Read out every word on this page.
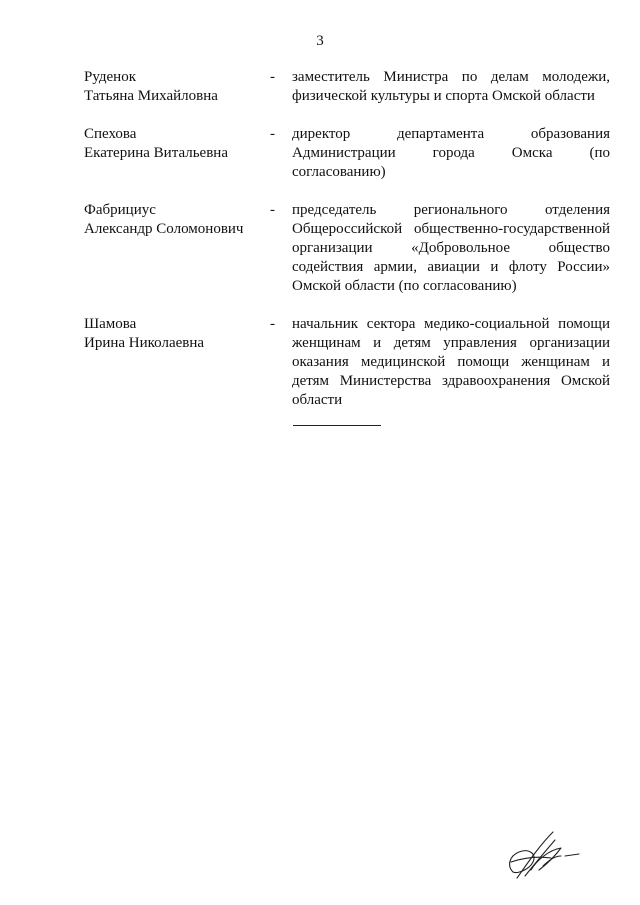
3
Руденок
Татьяна Михайловна
-	заместитель Министра по делам молодежи,
физической культуры и спорта Омской области
Спехова
Екатерина Витальевна
-	директор департамента образования
Администрации города Омска (по
согласованию)
Фабрициус
Александр Соломонович
-	председатель регионального отделения
Общероссийской общественно-государственной
организации «Добровольное общество
содействия армии, авиации и флоту России»
Омской области (по согласованию)
Шамова
Ирина Николаевна
-	начальник сектора медико-социальной помощи
женщинам и детям управления организации
оказания медицинской помощи женщинам и
детям Министерства здравоохранения Омской
области
